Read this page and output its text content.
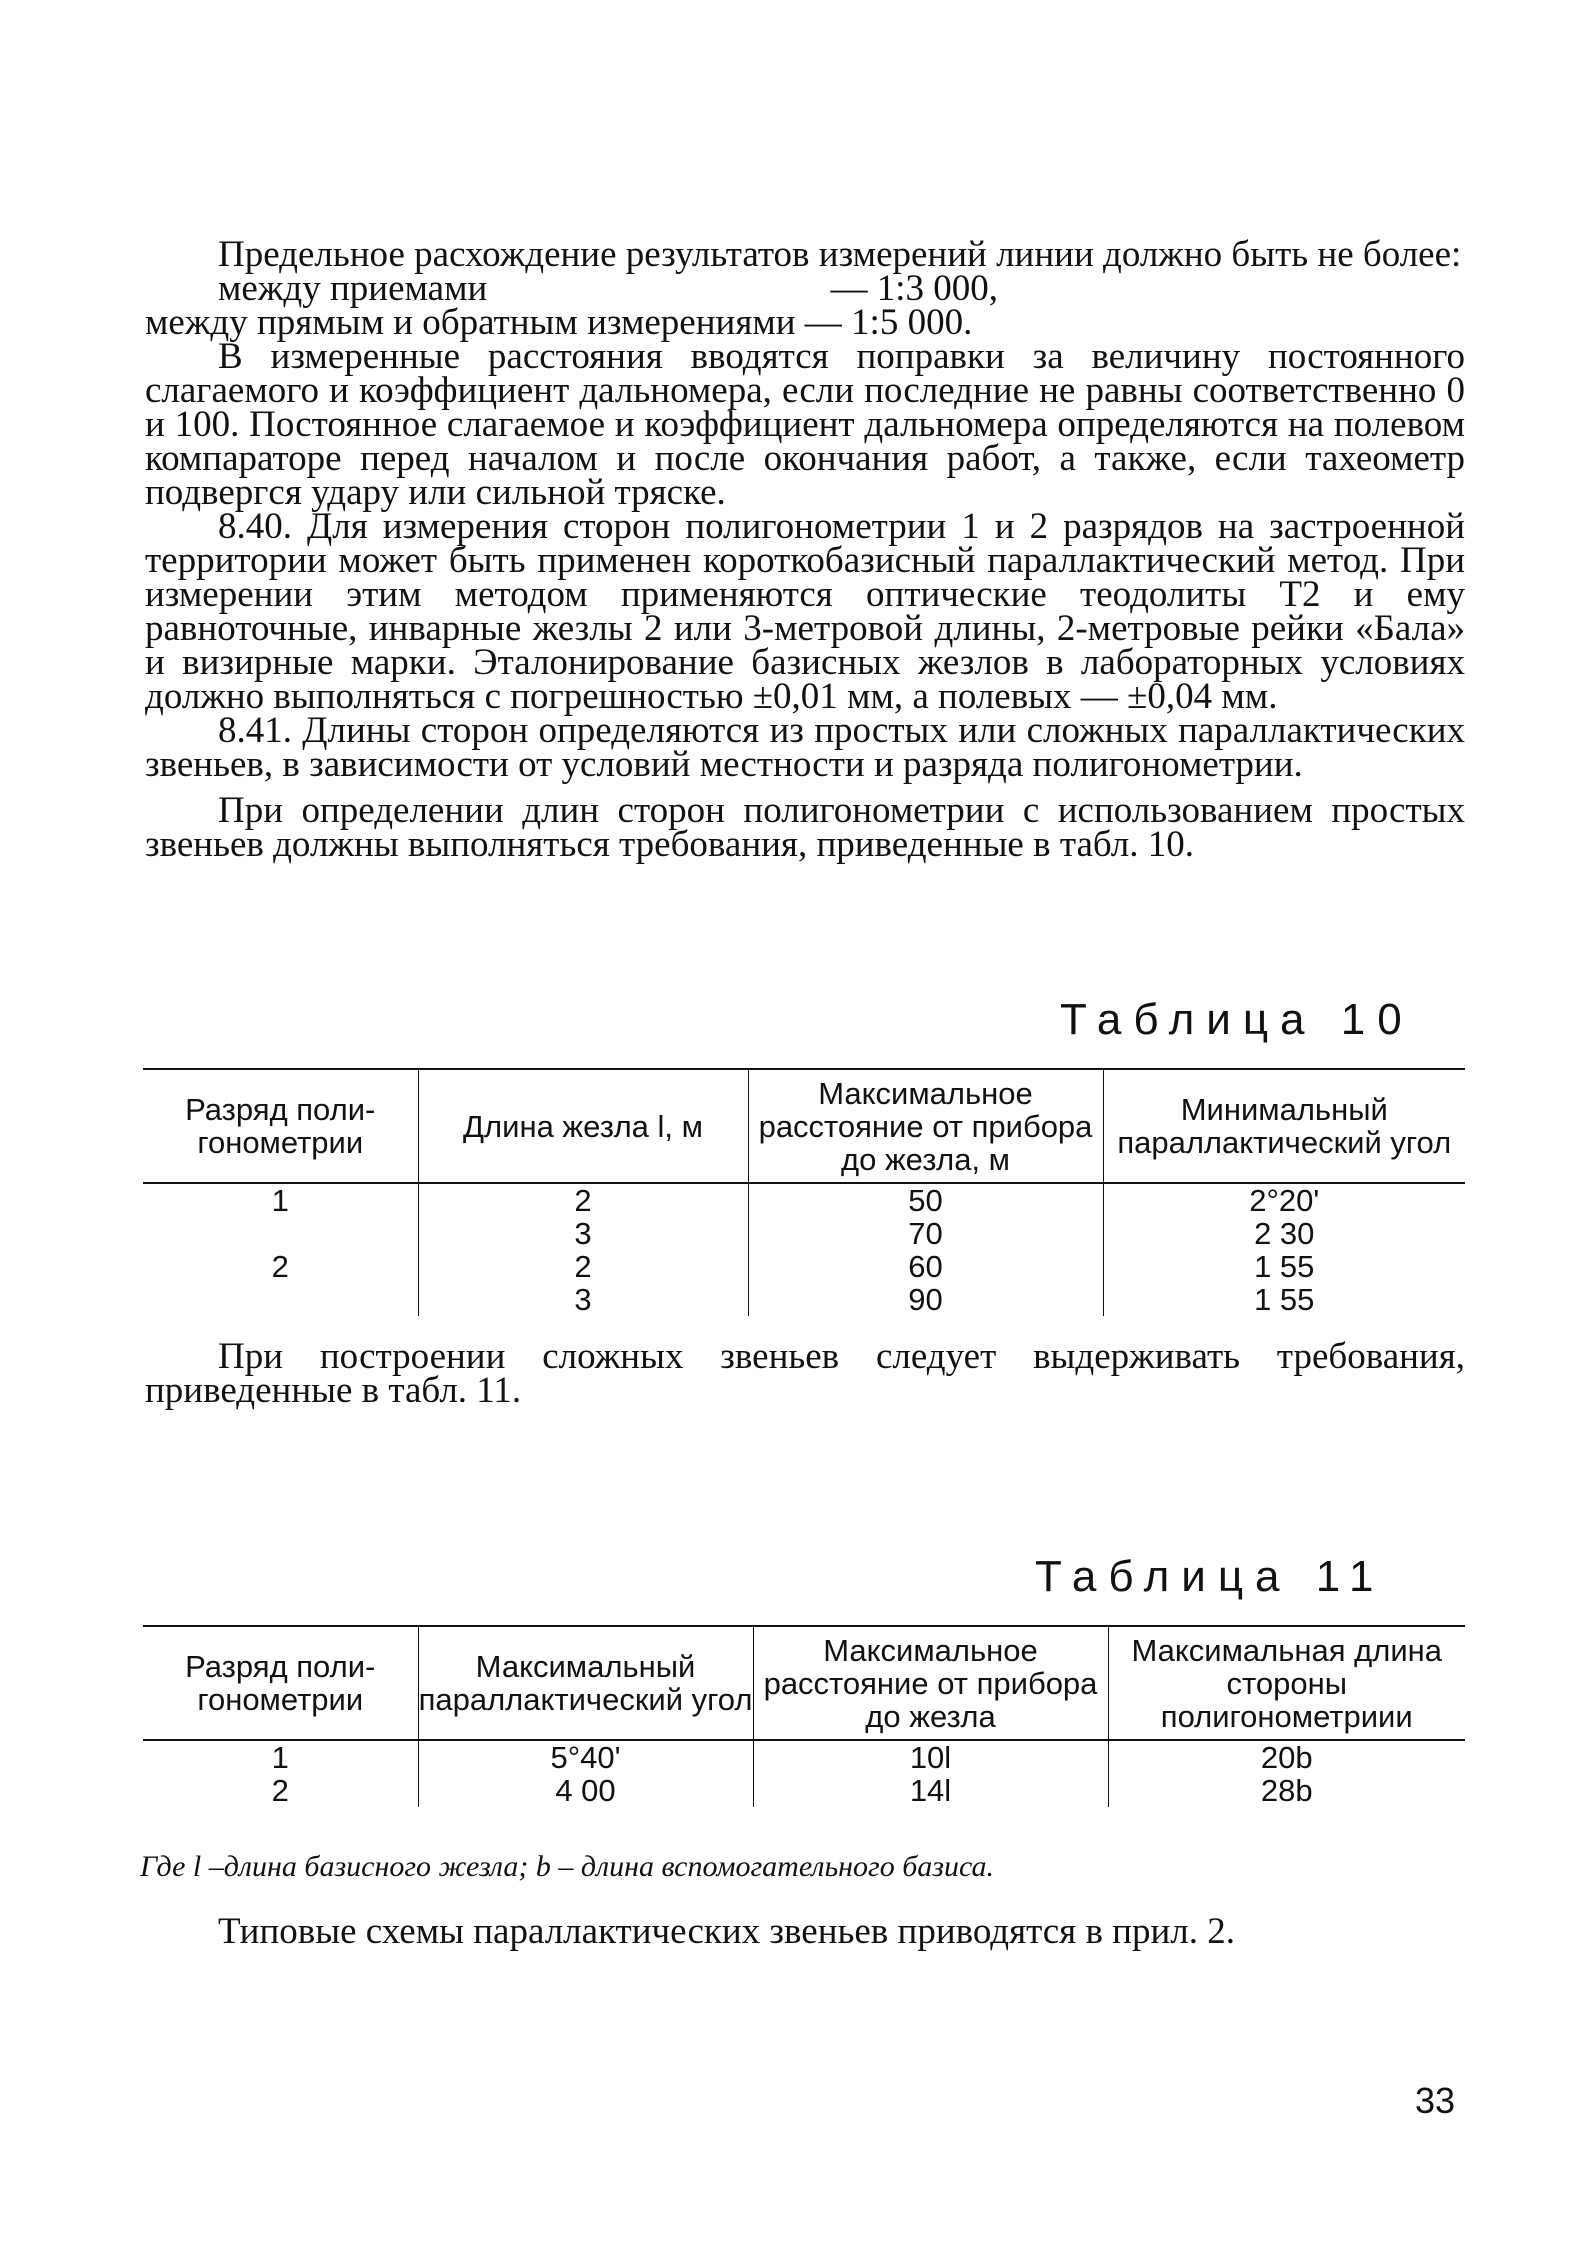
Предельное расхождение результатов измерений линии должно быть не более:

между приемами	— 1:3 000,

между прямым и обратным измерениями — 1:5 000.

В измеренные расстояния вводятся поправки за величину постоянного слагаемого и коэффициент дальномера, если последние не равны соответственно 0 и 100. Постоянное слагаемое и коэффициент дальномера определяются на полевом компараторе перед началом и после окончания работ, а также, если тахеометр подвергся удару или сильной тряске.

8.40. Для измерения сторон полигонометрии 1 и 2 разрядов на застроенной территории может быть применен короткобазисный параллактический метод. При измерении этим методом применяются оптические теодолиты Т2 и ему равноточные, инварные жезлы 2 или 3-метровой длины, 2-метровые рейки «Бала» и визирные марки. Эталонирование базисных жезлов в лабораторных условиях должно выполняться с погрешностью ±0,01 мм, а полевых — ±0,04 мм.

8.41. Длины сторон определяются из простых или сложных параллактических звеньев, в зависимости от условий местности и разряда полигонометрии.

При определении длин сторон полигонометрии с использованием простых звеньев должны выполняться требования, приведенные в табл. 10.

Таблица 10
Разряд поли-гонометрии	Длина жезла l, м	Максимальное расстояние от прибора до жезла, м	Минимальный параллактический угол
1	2	50	2°20'
	3	70	2 30
2	2	60	1 55
	3	90	1 55

При построении сложных звеньев следует выдерживать требования, приведенные в табл. 11.

Таблица 11
Разряд поли-гонометрии	Максимальный параллактический угол	Максимальное расстояние от прибора до жезла	Максимальная длина стороны полигонометриии
1	5°40'	10l	20b
2	4 00	14l	28b
Где l –длина базисного жезла; b – длина вспомогательного базиса.
Типовые схемы параллактических звеньев приводятся в прил. 2.
33
